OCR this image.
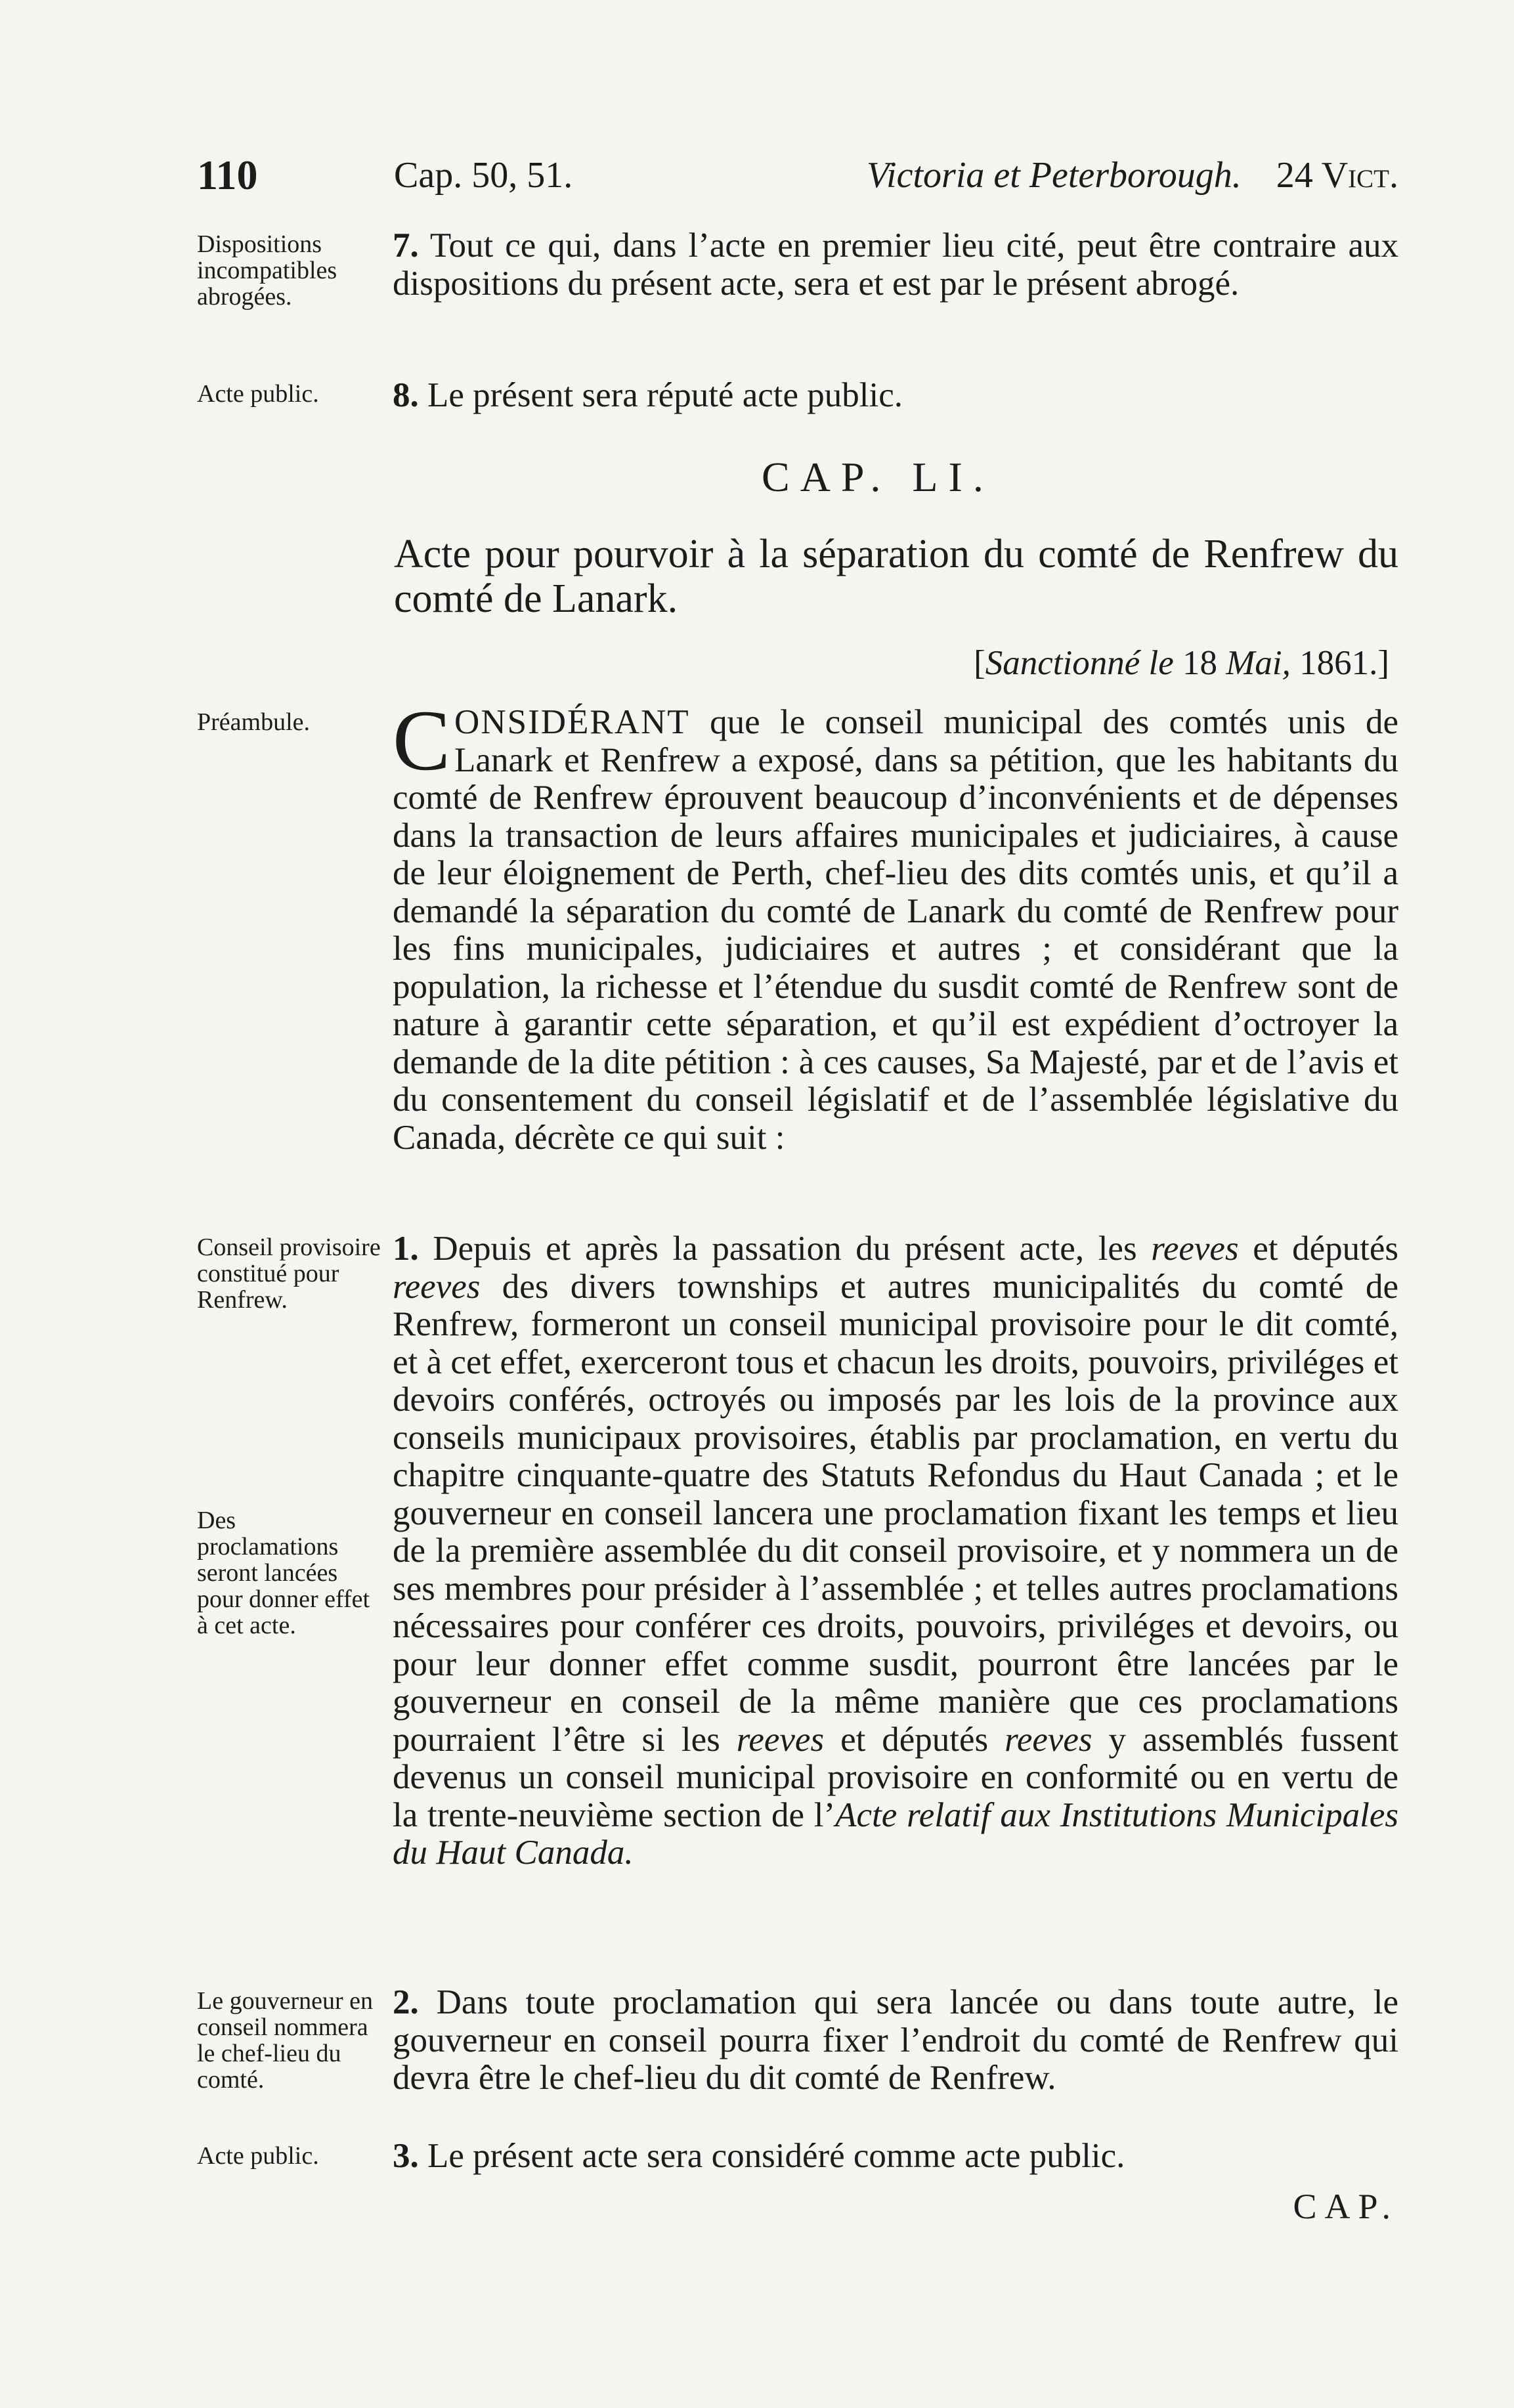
110	Cap. 50, 51.	Victoria et Peterborough. 24 Vict.
Dispositions incompatibles abrogées.
7. Tout ce qui, dans l’acte en premier lieu cité, peut être contraire aux dispositions du présent acte, sera et est par le présent abrogé.
Acte public.	8. Le présent sera réputé acte public.
CAP. LI.
Acte pour pourvoir à la séparation du comté de Renfrew du comté de Lanark.
[Sanctionné le 18 Mai, 1861.]
Préambule. CONSIDÉRANT que le conseil municipal des comtés unis de Lanark et Renfrew a exposé, dans sa pétition, que les habitants du comté de Renfrew éprouvent beaucoup d’inconvénients et de dépenses dans la transaction de leurs affaires municipales et judiciaires, à cause de leur éloignement de Perth, chef-lieu des dits comtés unis, et qu’il a demandé la séparation du comté de Lanark du comté de Renfrew pour les fins municipales, judiciaires et autres ; et considérant que la population, la richesse et l’étendue du susdit comté de Renfrew sont de nature à garantir cette séparation, et qu’il est expédient d’octroyer la demande de la dite pétition : à ces causes, Sa Majesté, par et de l’avis et du consentement du conseil législatif et de l’assemblée législative du Canada, décrète ce qui suit :
Conseil provisoire constitué pour Renfrew.
Des proclamations seront lancées pour donner effet à cet acte.
1. Depuis et après la passation du présent acte, les reeves et députés reeves des divers townships et autres municipalités du comté de Renfrew, formeront un conseil municipal provisoire pour le dit comté, et à cet effet, exerceront tous et chacun les droits, pouvoirs, priviléges et devoirs conférés, octroyés ou imposés par les lois de la province aux conseils municipaux provisoires, établis par proclamation, en vertu du chapitre cinquante-quatre des Statuts Refondus du Haut Canada ; et le gouverneur en conseil lancera une proclamation fixant les temps et lieu de la première assemblée du dit conseil provisoire, et y nommera un de ses membres pour présider à l’assemblée ; et telles autres proclamations nécessaires pour conférer ces droits, pouvoirs, priviléges et devoirs, ou pour leur donner effet comme susdit, pourront être lancées par le gouverneur en conseil de la même manière que ces proclamations pourraient l’être si les reeves et députés reeves y assemblés fussent devenus un conseil municipal provisoire en conformité ou en vertu de la trente-neuvième section de l’Acte relatif aux Institutions Municipales du Haut Canada.
Le gouverneur en conseil nommera le chef-lieu du comté.
2. Dans toute proclamation qui sera lancée ou dans toute autre, le gouverneur en conseil pourra fixer l’endroit du comté de Renfrew qui devra être le chef-lieu du dit comté de Renfrew.
Acte public.	3. Le présent acte sera considéré comme acte public.
CAP.
